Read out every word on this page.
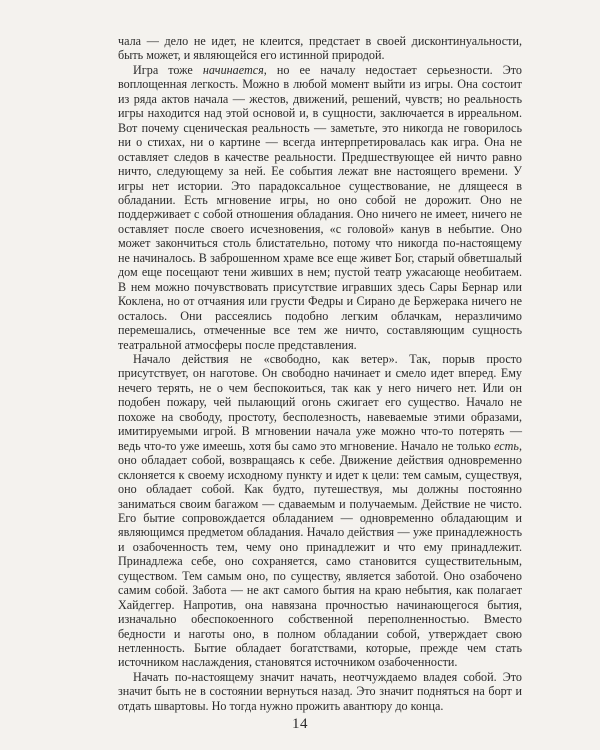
чала — дело не идет, не клеится, предстает в своей дисконтинуальности, быть может, и являющейся его истинной природой.

Игра тоже начинается, но ее началу недостает серьезности. Это воплощенная легкость. Можно в любой момент выйти из игры. Она состоит из ряда актов начала — жестов, движений, решений, чувств; но реальность игры находится над этой основой и, в сущности, заключается в ирреальном. Вот почему сценическая реальность — заметьте, это никогда не говорилось ни о стихах, ни о картине — всегда интерпретировалась как игра. Она не оставляет следов в качестве реальности. Предшествующее ей ничто равно ничто, следующему за ней. Ее события лежат вне настоящего времени. У игры нет истории. Это парадоксальное существование, не длящееся в обладании. Есть мгновение игры, но оно собой не дорожит. Оно не поддерживает с собой отношения обладания. Оно ничего не имеет, ничего не оставляет после своего исчезновения, «с головой» канув в небытие. Оно может закончиться столь блистательно, потому что никогда по-настоящему не начиналось. В заброшенном храме все еще живет Бог, старый обветшалый дом еще посещают тени живших в нем; пустой театр ужасающе необитаем. В нем можно почувствовать присутствие игравших здесь Сары Бернар или Коклена, но от отчаяния или грусти Федры и Сирано де Бержерака ничего не осталось. Они рассеялись подобно легким облачкам, неразличимо перемешались, отмеченные все тем же ничто, составляющим сущность театральной атмосферы после представления.

Начало действия не «свободно, как ветер». Так, порыв просто присутствует, он наготове. Он свободно начинает и смело идет вперед. Ему нечего терять, не о чем беспокоиться, так как у него ничего нет. Или он подобен пожару, чей пылающий огонь сжигает его существо. Начало не похоже на свободу, простоту, бесполезность, навеваемые этими образами, имитируемыми игрой. В мгновении начала уже можно что-то потерять — ведь что-то уже имеешь, хотя бы само это мгновение. Начало не только есть, оно обладает собой, возвращаясь к себе. Движение действия одновременно склоняется к своему исходному пункту и идет к цели: тем самым, существуя, оно обладает собой. Как будто, путешествуя, мы должны постоянно заниматься своим багажом — сдаваемым и получаемым. Действие не чисто. Его бытие сопровождается обладанием — одновременно обладающим и являющимся предметом обладания. Начало действия — уже принадлежность и озабоченность тем, чему оно принадлежит и что ему принадлежит. Принадлежа себе, оно сохраняется, само становится существительным, существом. Тем самым оно, по существу, является заботой. Оно озабочено самим собой. Забота — не акт самого бытия на краю небытия, как полагает Хайдеггер. Напротив, она навязана прочностью начинающегося бытия, изначально обеспокоенного собственной переполненностью. Вместо бедности и наготы оно, в полном обладании собой, утверждает свою нетленность. Бытие обладает богатствами, которые, прежде чем стать источником наслаждения, становятся источником озабоченности.

Начать по-настоящему значит начать, неотчуждаемо владея собой. Это значит быть не в состоянии вернуться назад. Это значит подняться на борт и отдать швартовы. Но тогда нужно прожить авантюру до конца.

14
